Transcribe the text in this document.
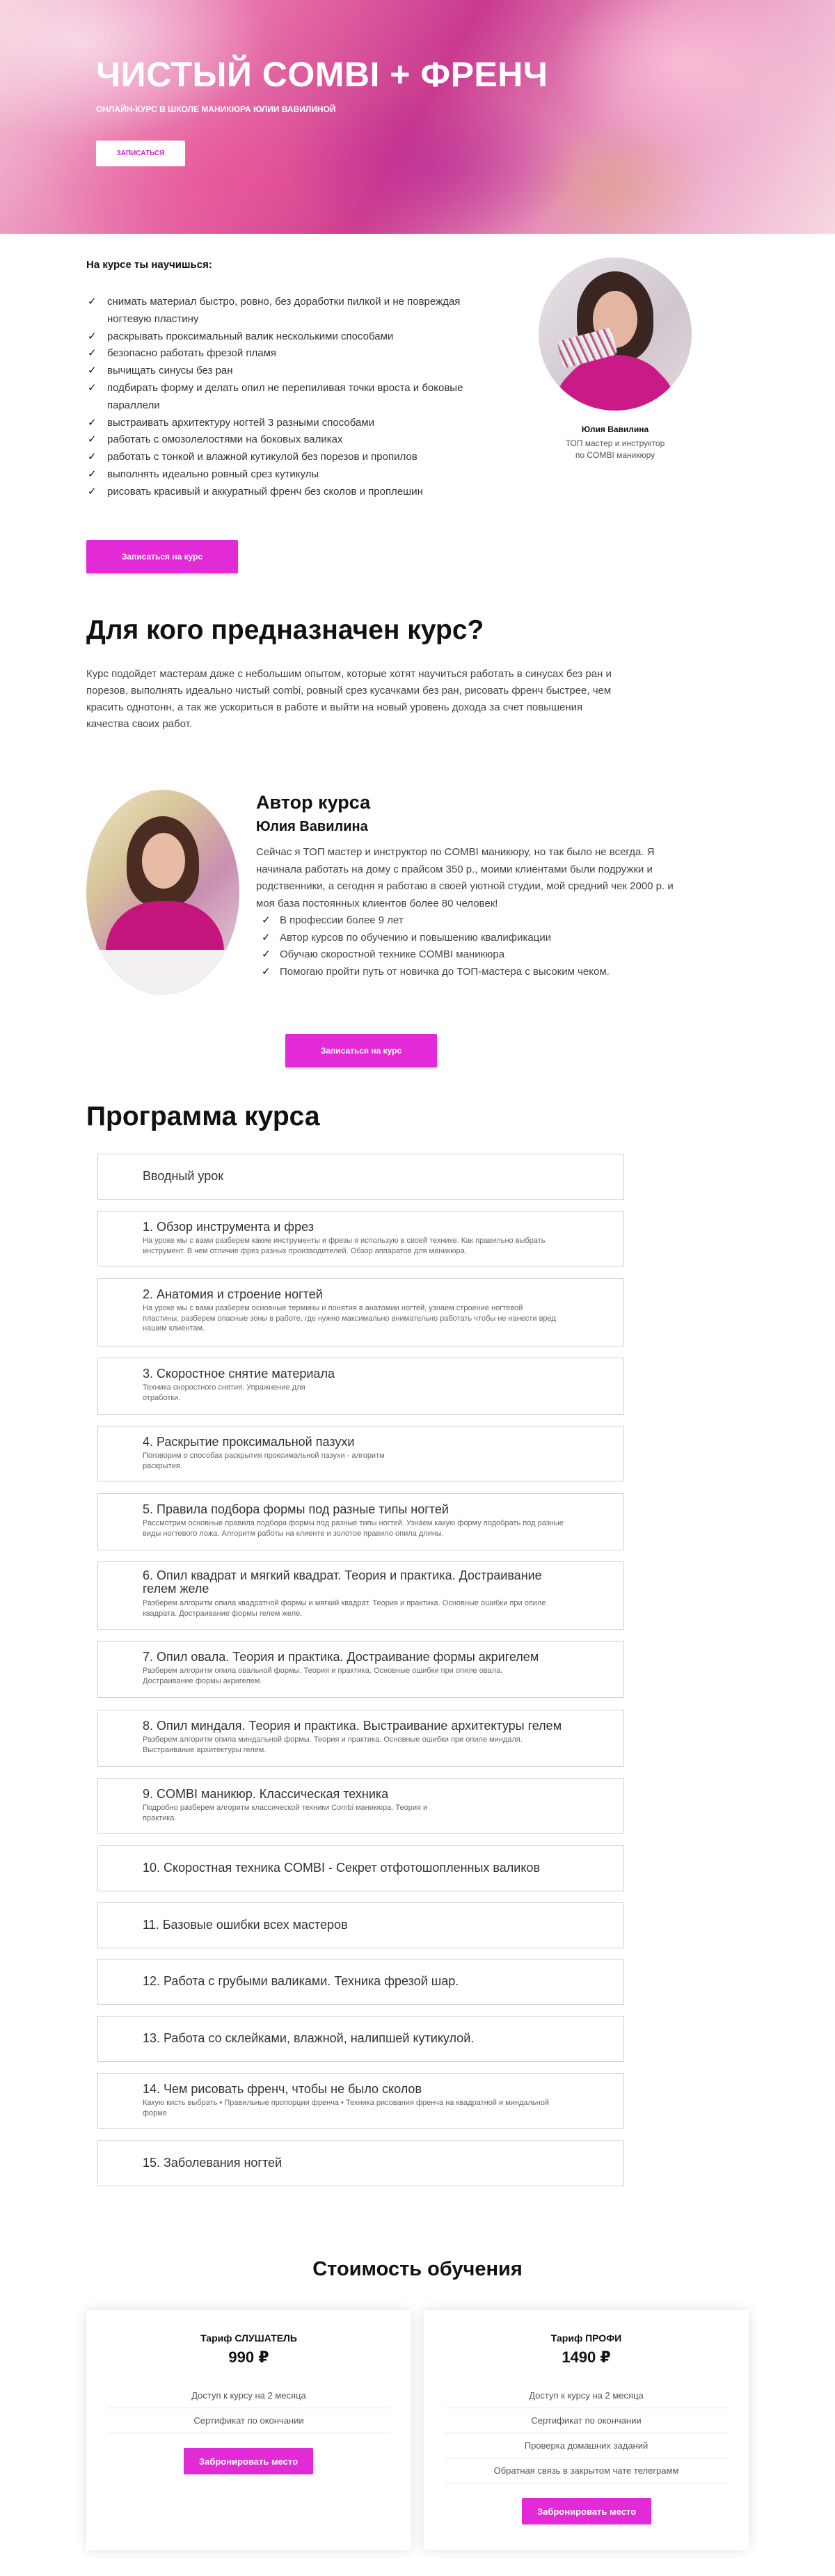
ЧИСТЫЙ COMBI + ФРЕНЧ
ОНЛАЙН-КУРС В ШКОЛЕ МАНИКЮРА ЮЛИИ ВАВИЛИНОЙ
ЗАПИСАТЬСЯ
На курсе ты научишься:
✓ снимать материал быстро, ровно, без доработки пилкой и не повреждая ногтевую пластину
✓ раскрывать проксимальный валик несколькими способами
✓ безопасно работать фрезой пламя
✓ вычищать синусы без ран
✓ подбирать форму и делать опил не перепиливая точки вроста и боковые параллели
✓ выстраивать архитектуру ногтей 3 разными способами
✓ работать с омозолелостями на боковых валиках
✓ работать с тонкой и влажной кутикулой без порезов и пропилов
✓ выполнять идеально ровный срез кутикулы
✓ рисовать красивый и аккуратный френч без сколов и проплешин
Юлия Вавилина
ТОП мастер и инструктор
по COMBI маникюру
Записаться на курс
Для кого предназначен курс?

Курс подойдет мастерам даже с небольшим опытом, которые хотят научиться работать в синусах без ран и порезов, выполнять идеально чистый combi, ровный срез кусачками без ран, рисовать френч быстрее, чем красить однотонн, а так же ускориться в работе и выйти на новый уровень дохода за счет повышения качества своих работ.

Автор курса
Юлия Вавилина

Сейчас я ТОП мастер и инструктор по COMBI маникюру, но так было не всегда. Я начинала работать на дому с прайсом 350 р., моими клиентами были подружки и родственники, а сегодня я работаю в своей уютной студии, мой средний чек 2000 р. и моя база постоянных клиентов более 80 человек!

✓ В профессии более 9 лет
✓ Автор курсов по обучению и повышению квалификации
✓ Обучаю скоростной технике COMBI маникюра
✓ Помогаю пройти путь от новичка до ТОП-мастера с высоким чеком.
Записаться на курс
Программа курса
Вводный урок
1. Обзор инструмента и фрез
На уроке мы с вами разберем какие инструменты и фрезы я использую в своей технике. Как правильно выбрать инструмент. В чем отличие фрез разных производителей. Обзор аппаратов для маникюра.
2. Анатомия и строение ногтей
На уроке мы с вами разберем основные термины и понятия в анатомии ногтей, узнаем строение ногтевой пластины, разберем опасные зоны в работе, где нужно максимально внимательно работать чтобы не нанести вред нашим клиентам.
3. Скоростное снятие материала
Техника скоростного снятия. Упражнение для отработки.
4. Раскрытие проксимальной пазухи
Поговорим о способах раскрытия проксимальной пазухи - алгоритм раскрытия.
5. Правила подбора формы под разные типы ногтей
Рассмотрим основные правила подбора формы под разные типы ногтей. Узнаем какую форму подобрать под разные виды ногтевого ложа. Алгоритм работы на клиенте и золотое правило опила длины.
6. Опил квадрат и мягкий квадрат. Теория и практика. Достраивание гелем желе
Разберем алгоритм опила квадратной формы и мягкий квадрат. Теория и практика. Основные ошибки при опиле квадрата. Достраивание формы гелем желе.
7. Опил овала. Теория и практика. Достраивание формы акригелем
Разберем алгоритм опила овальной формы. Теория и практика. Основные ошибки при опиле овала. Достраивание формы акригелем.
8. Опил миндаля. Теория и практика. Выстраивание архитектуры гелем
Разберем алгоритм опила миндальной формы. Теория и практика. Основные ошибки при опиле миндаля. Выстраивание архитектуры гелем.
9. COMBI маникюр. Классическая техника
Подробно разберем алгоритм классической техники Combi маникюра. Теория и практика.
10. Скоростная техника COMBI - Секрет отфотошопленных валиков
11. Базовые ошибки всех мастеров
12. Работа с грубыми валиками. Техника фрезой шар.
13. Работа со склейками, влажной, налипшей кутикулой.
14. Чем рисовать френч, чтобы не было сколов
Какую кисть выбрать • Правильные пропорции френча • Техника рисования френча на квадратной и миндальной форме
15. Заболевания ногтей
Стоимость обучения
Тариф СЛУШАТЕЛЬ
990 ₽
Доступ к курсу на 2 месяца
Сертификат по окончании
Забронировать место
Тариф ПРОФИ
1490 ₽
Доступ к курсу на 2 месяца
Сертификат по окончании
Проверка домашних заданий
Обратная связь в закрытом чате телеграмм
Забронировать место
